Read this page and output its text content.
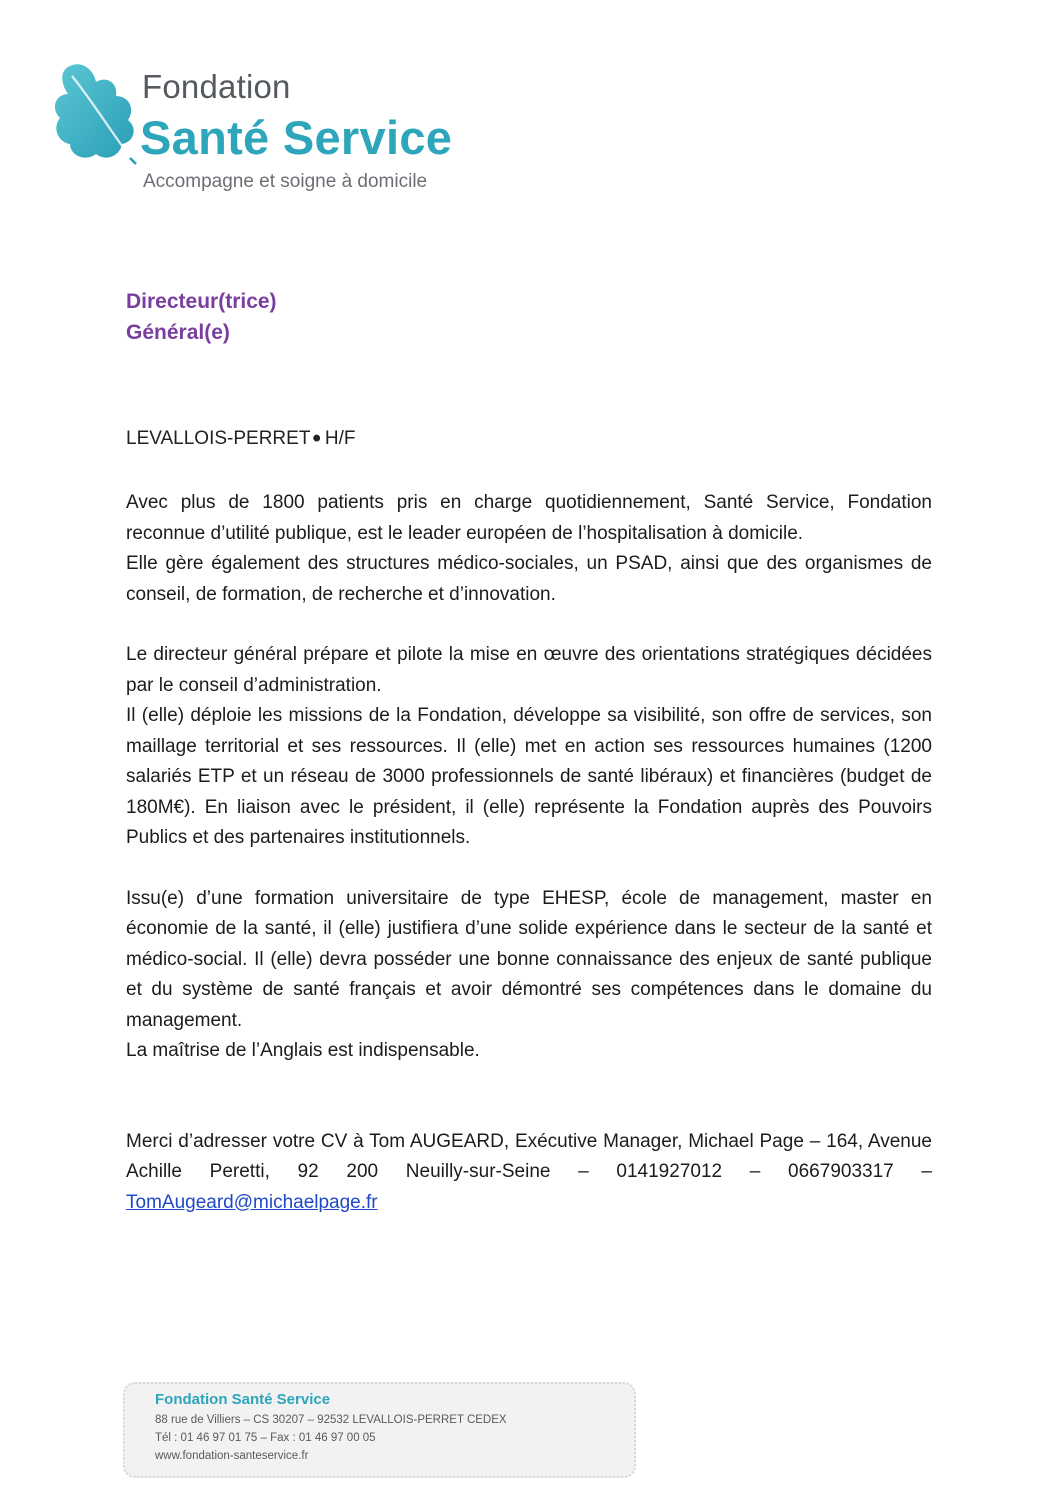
Fondation
Santé Service
Accompagne et soigne à domicile
Directeur(trice)
Général(e)
LEVALLOIS-PERRET• H/F

Avec plus de 1800 patients pris en charge quotidiennement, Santé Service, Fondation reconnue d’utilité publique, est le leader européen de l’hospitalisation à domicile.

Elle gère également des structures médico-sociales, un PSAD, ainsi que des organismes de conseil, de formation, de recherche et d’innovation.

Le directeur général prépare et pilote la mise en œuvre des orientations stratégiques décidées par le conseil d’administration.

Il (elle) déploie les missions de la Fondation, développe sa visibilité, son offre de services, son maillage territorial et ses ressources. Il (elle) met en action ses ressources humaines (1200 salariés ETP et un réseau de 3000 professionnels de santé libéraux) et financières (budget de 180M€). En liaison avec le président, il (elle) représente la Fondation auprès des Pouvoirs Publics et des partenaires institutionnels.

Issu(e) d’une formation universitaire de type EHESP, école de management, master en économie de la santé, il (elle) justifiera d’une solide expérience dans le secteur de la santé et médico-social. Il (elle) devra posséder une bonne connaissance des enjeux de santé publique et du système de santé français et avoir démontré ses compétences dans le domaine du management.

La maîtrise de l’Anglais est indispensable.

Merci d’adresser votre CV à Tom AUGEARD, Exécutive Manager, Michael Page – 164, Avenue Achille Peretti, 92 200 Neuilly-sur-Seine – 0141927012 – 0667903317 – TomAugeard@michaelpage.fr

Fondation Santé Service
88 rue de Villiers – CS 30207 – 92532 LEVALLOIS-PERRET CEDEX
Tél : 01 46 97 01 75 – Fax : 01 46 97 00 05
www.fondation-santeservice.fr
